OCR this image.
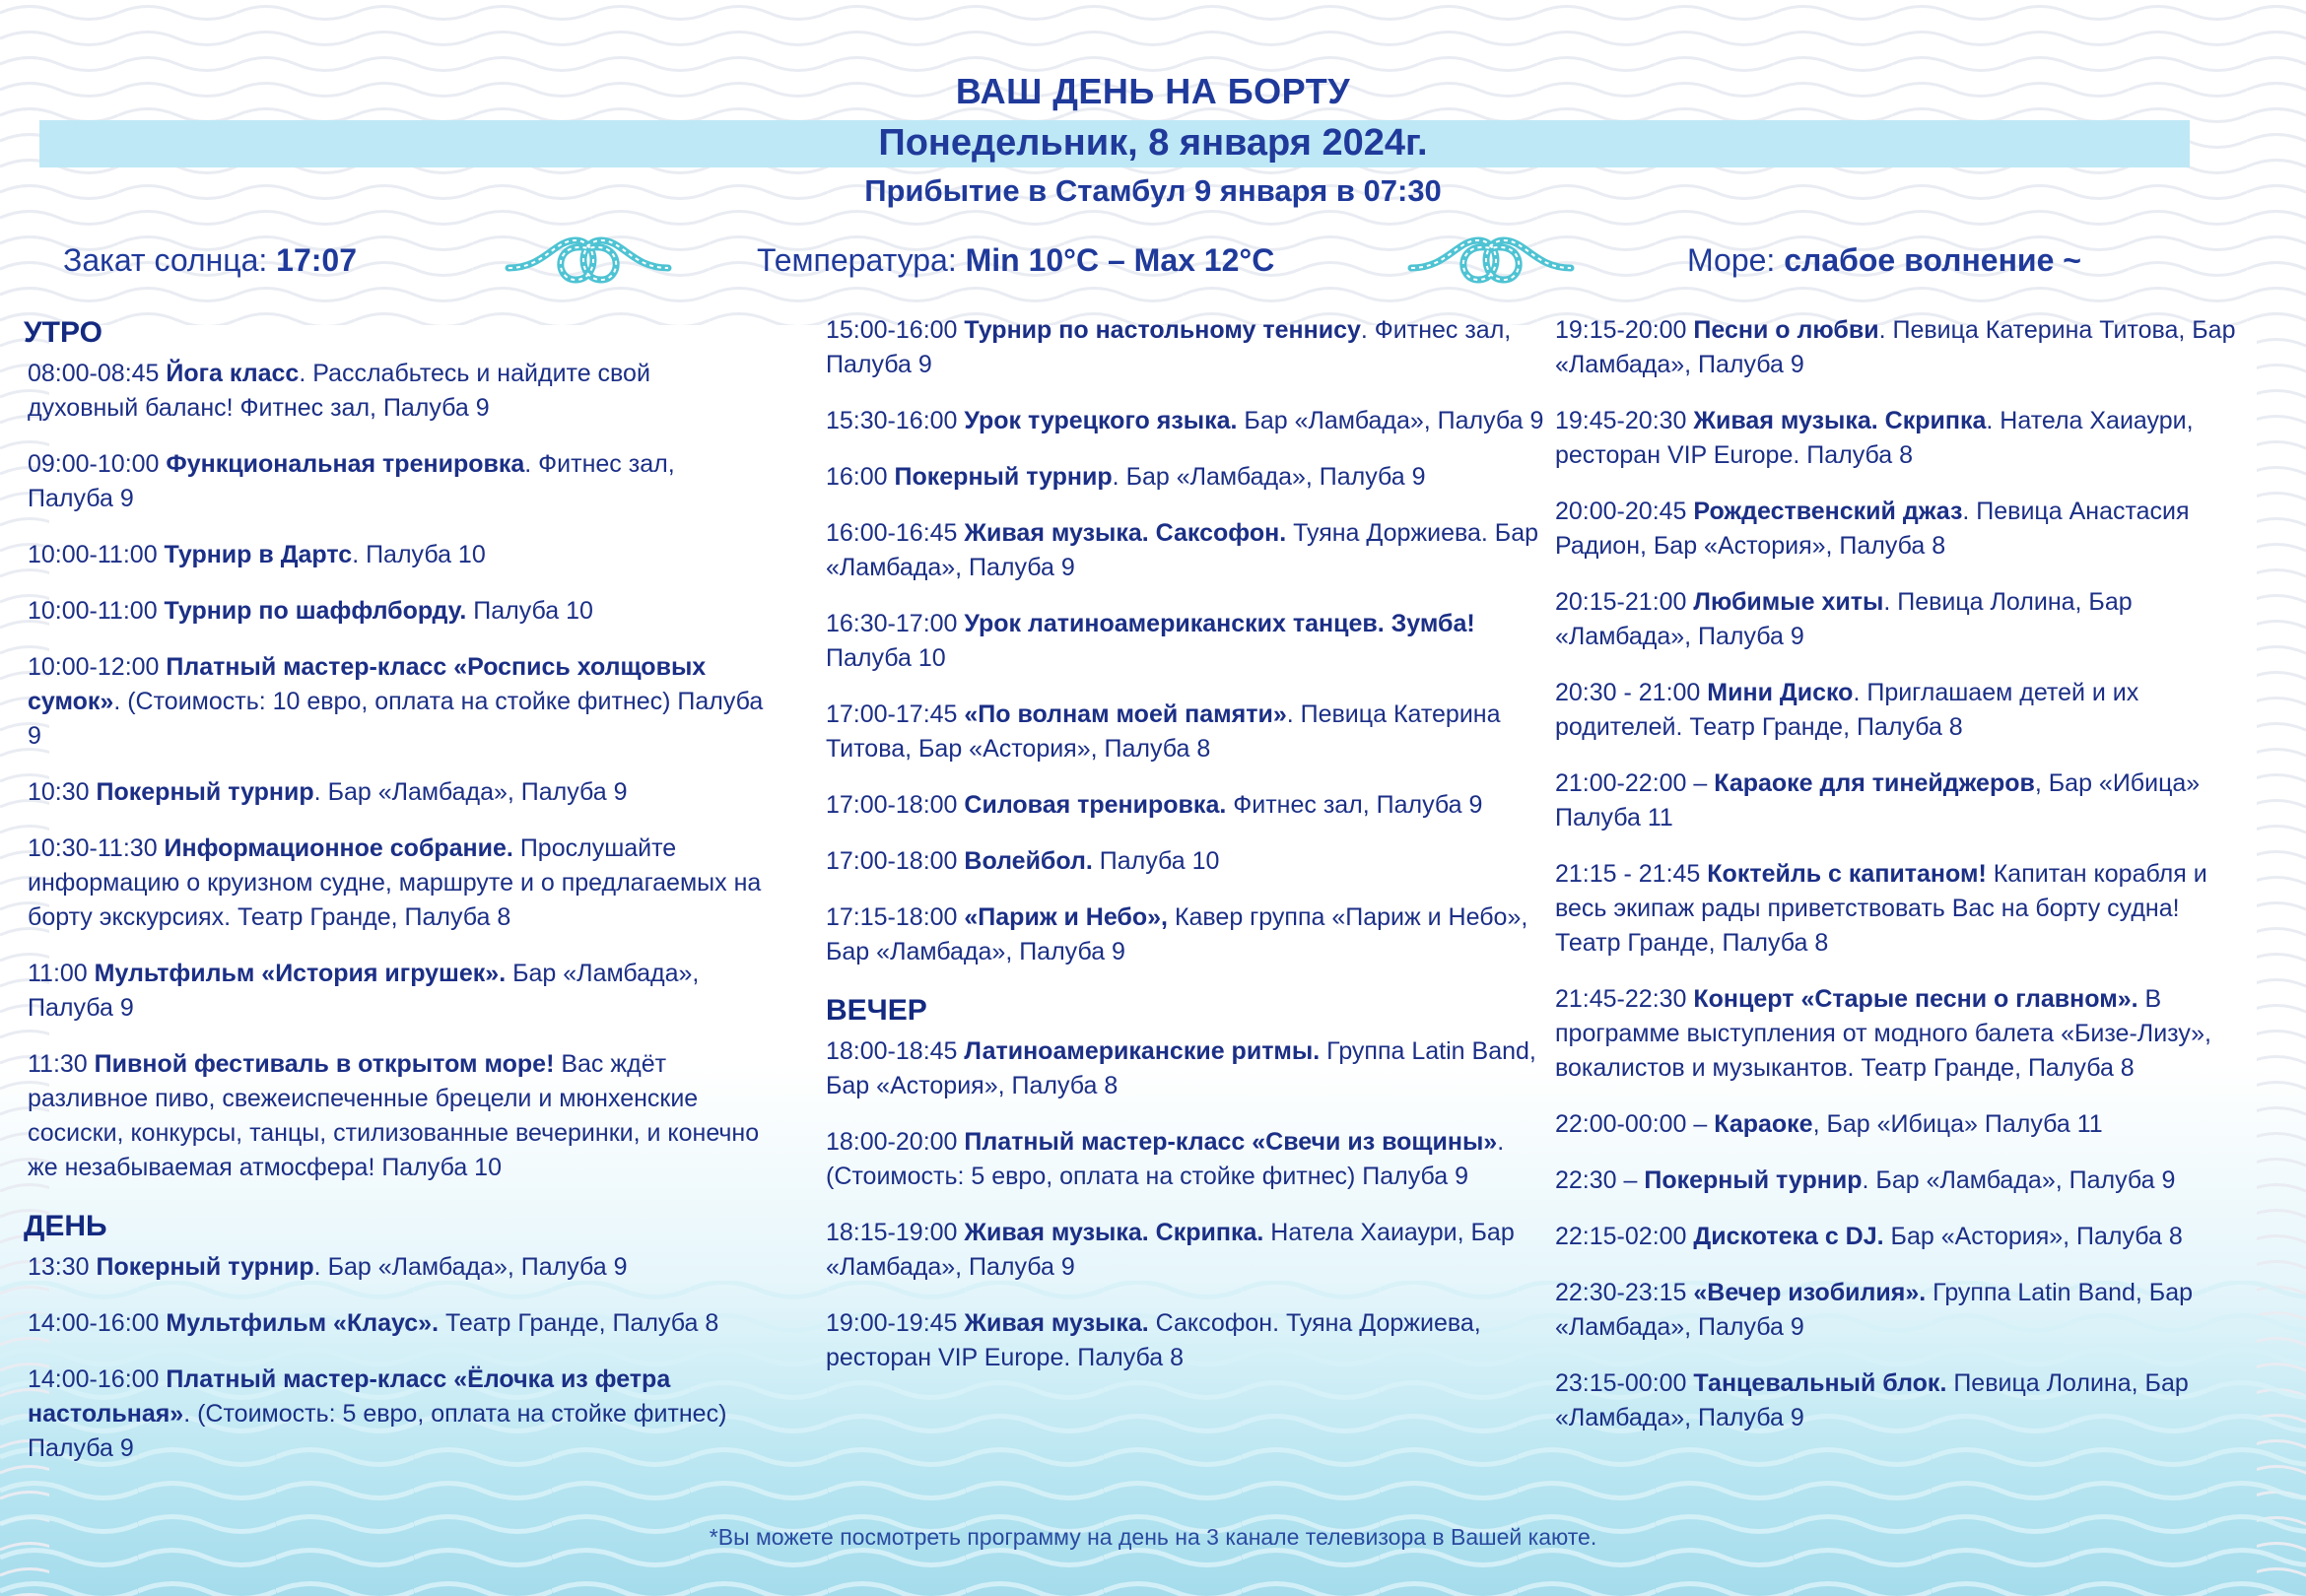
ВАШ ДЕНЬ НА БОРТУ
Понедельник, 8 января 2024г.
Прибытие в Стамбул 9 января в 07:30
Закат солнца: 17:07	Температура: Min 10°C – Max 12°C	Море: слабое волнение ~
УТРО
08:00-08:45 Йога класс. Расслабьтесь и найдите свой духовный баланс! Фитнес зал, Палуба 9
09:00-10:00 Функциональная тренировка. Фитнес зал, Палуба 9
10:00-11:00 Турнир в Дартс. Палуба 10
10:00-11:00 Турнир по шаффлборду. Палуба 10
10:00-12:00 Платный мастер-класс «Роспись холщовых сумок». (Стоимость: 10 евро, оплата на стойке фитнес) Палуба 9
10:30 Покерный турнир. Бар «Ламбада», Палуба 9
10:30-11:30 Информационное собрание. Прослушайте информацию о круизном судне, маршруте и о предлагаемых на борту экскурсиях. Театр Гранде, Палуба 8
11:00 Мультфильм «История игрушек». Бар «Ламбада», Палуба 9
11:30 Пивной фестиваль в открытом море! Вас ждёт разливное пиво, свежеиспеченные брецели и мюнхенские сосиски, конкурсы, танцы, стилизованные вечеринки, и конечно же незабываемая атмосфера! Палуба 10
ДЕНЬ
13:30 Покерный турнир. Бар «Ламбада», Палуба 9
14:00-16:00 Мультфильм «Клаус». Театр Гранде, Палуба 8
14:00-16:00 Платный мастер-класс «Ёлочка из фетра настольная». (Стоимость: 5 евро, оплата на стойке фитнес) Палуба 9
15:00-16:00 Турнир по настольному теннису. Фитнес зал, Палуба 9
15:30-16:00 Урок турецкого языка. Бар «Ламбада», Палуба 9
16:00 Покерный турнир. Бар «Ламбада», Палуба 9
16:00-16:45 Живая музыка. Саксофон. Туяна Доржиева. Бар «Ламбада», Палуба 9
16:30-17:00 Урок латиноамериканских танцев. Зумба! Палуба 10
17:00-17:45 «По волнам моей памяти». Певица Катерина Титова, Бар «Астория», Палуба 8
17:00-18:00 Силовая тренировка. Фитнес зал, Палуба 9
17:00-18:00 Волейбол. Палуба 10
17:15-18:00 «Париж и Небо», Кавер группа «Париж и Небо», Бар «Ламбада», Палуба 9
ВЕЧЕР
18:00-18:45 Латиноамериканские ритмы. Группа Latin Band, Бар «Астория», Палуба 8
18:00-20:00 Платный мастер-класс «Свечи из вощины». (Стоимость: 5 евро, оплата на стойке фитнес) Палуба 9
18:15-19:00 Живая музыка. Скрипка. Натела Хаиаури, Бар «Ламбада», Палуба 9
19:00-19:45 Живая музыка. Саксофон. Туяна Доржиева, ресторан VIP Europe. Палуба 8
19:15-20:00 Песни о любви. Певица Катерина Титова, Бар «Ламбада», Палуба 9
19:45-20:30 Живая музыка. Скрипка. Натела Хаиаури, ресторан VIP Europe. Палуба 8
20:00-20:45 Рождественский джаз. Певица Анастасия Радион, Бар «Астория», Палуба 8
20:15-21:00 Любимые хиты. Певица Лолина, Бар «Ламбада», Палуба 9
20:30 - 21:00 Мини Диско. Приглашаем детей и их родителей. Театр Гранде, Палуба 8
21:00-22:00 – Караоке для тинейджеров, Бар «Ибица» Палуба 11
21:15 - 21:45 Коктейль с капитаном! Капитан корабля и весь экипаж рады приветствовать Вас на борту судна! Театр Гранде, Палуба 8
21:45-22:30 Концерт «Старые песни о главном». В программе выступления от модного балета «Бизе-Лизу», вокалистов и музыкантов. Театр Гранде, Палуба 8
22:00-00:00 – Караоке, Бар «Ибица» Палуба 11
22:30 – Покерный турнир. Бар «Ламбада», Палуба 9
22:15-02:00 Дискотека с DJ. Бар «Астория», Палуба 8
22:30-23:15 «Вечер изобилия». Группа Latin Band, Бар «Ламбада», Палуба 9
23:15-00:00 Танцевальный блок. Певица Лолина, Бар «Ламбада», Палуба 9
*Вы можете посмотреть программу на день на 3 канале телевизора в Вашей каюте.
